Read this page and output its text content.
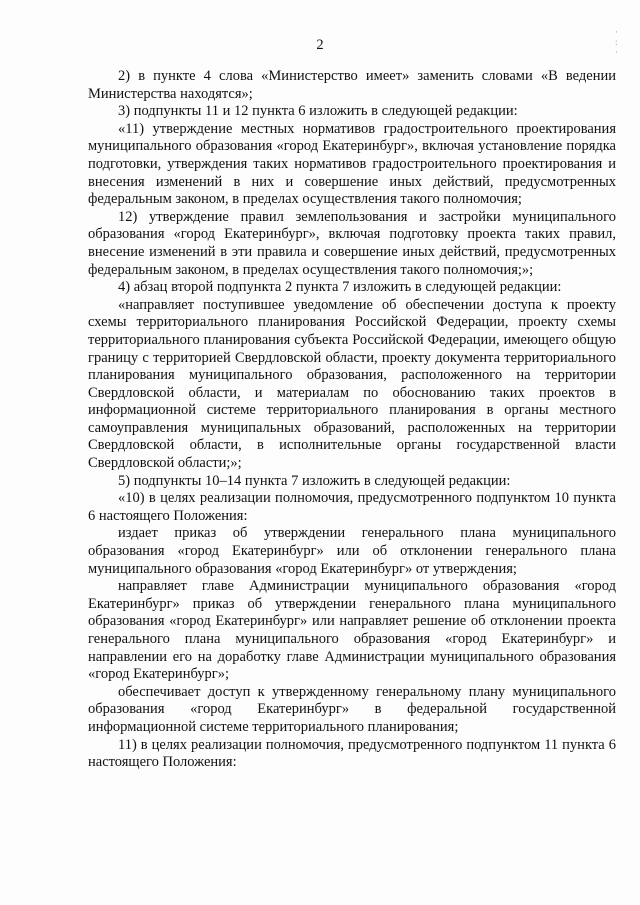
2
·
:
·

2) в пункте 4 слова «Министерство имеет» заменить словами «В ведении Министерства находятся»;

3) подпункты 11 и 12 пункта 6 изложить в следующей редакции:

«11) утверждение местных нормативов градостроительного проектирования муниципального образования «город Екатеринбург», включая установление порядка подготовки, утверждения таких нормативов градостроительного проектирования и внесения изменений в них и совершение иных действий, предусмотренных федеральным законом, в пределах осуществления такого полномочия;

12) утверждение правил землепользования и застройки муниципального образования «город Екатеринбург», включая подготовку проекта таких правил, внесение изменений в эти правила и совершение иных действий, предусмотренных федеральным законом, в пределах осуществления такого полномочия;»;

4) абзац второй подпункта 2 пункта 7 изложить в следующей редакции:

«направляет поступившее уведомление об обеспечении доступа к проекту схемы территориального планирования Российской Федерации, проекту схемы территориального планирования субъекта Российской Федерации, имеющего общую границу с территорией Свердловской области, проекту документа территориального планирования муниципального образования, расположенного на территории Свердловской области, и материалам по обоснованию таких проектов в информационной системе территориального планирования в органы местного самоуправления муниципальных образований, расположенных на территории Свердловской области, в исполнительные органы государственной власти Свердловской области;»;

5) подпункты 10–14 пункта 7 изложить в следующей редакции:

«10) в целях реализации полномочия, предусмотренного подпунктом 10 пункта 6 настоящего Положения:

издает приказ об утверждении генерального плана муниципального образования «город Екатеринбург» или об отклонении генерального плана муниципального образования «город Екатеринбург» от утверждения;

направляет главе Администрации муниципального образования «город Екатеринбург» приказ об утверждении генерального плана муниципального образования «город Екатеринбург» или направляет решение об отклонении проекта генерального плана муниципального образования «город Екатеринбург» и направлении его на доработку главе Администрации муниципального образования «город Екатеринбург»;

обеспечивает доступ к утвержденному генеральному плану муниципального образования «город Екатеринбург» в федеральной государственной информационной системе территориального планирования;

11) в целях реализации полномочия, предусмотренного подпунктом 11 пункта 6 настоящего Положения:
